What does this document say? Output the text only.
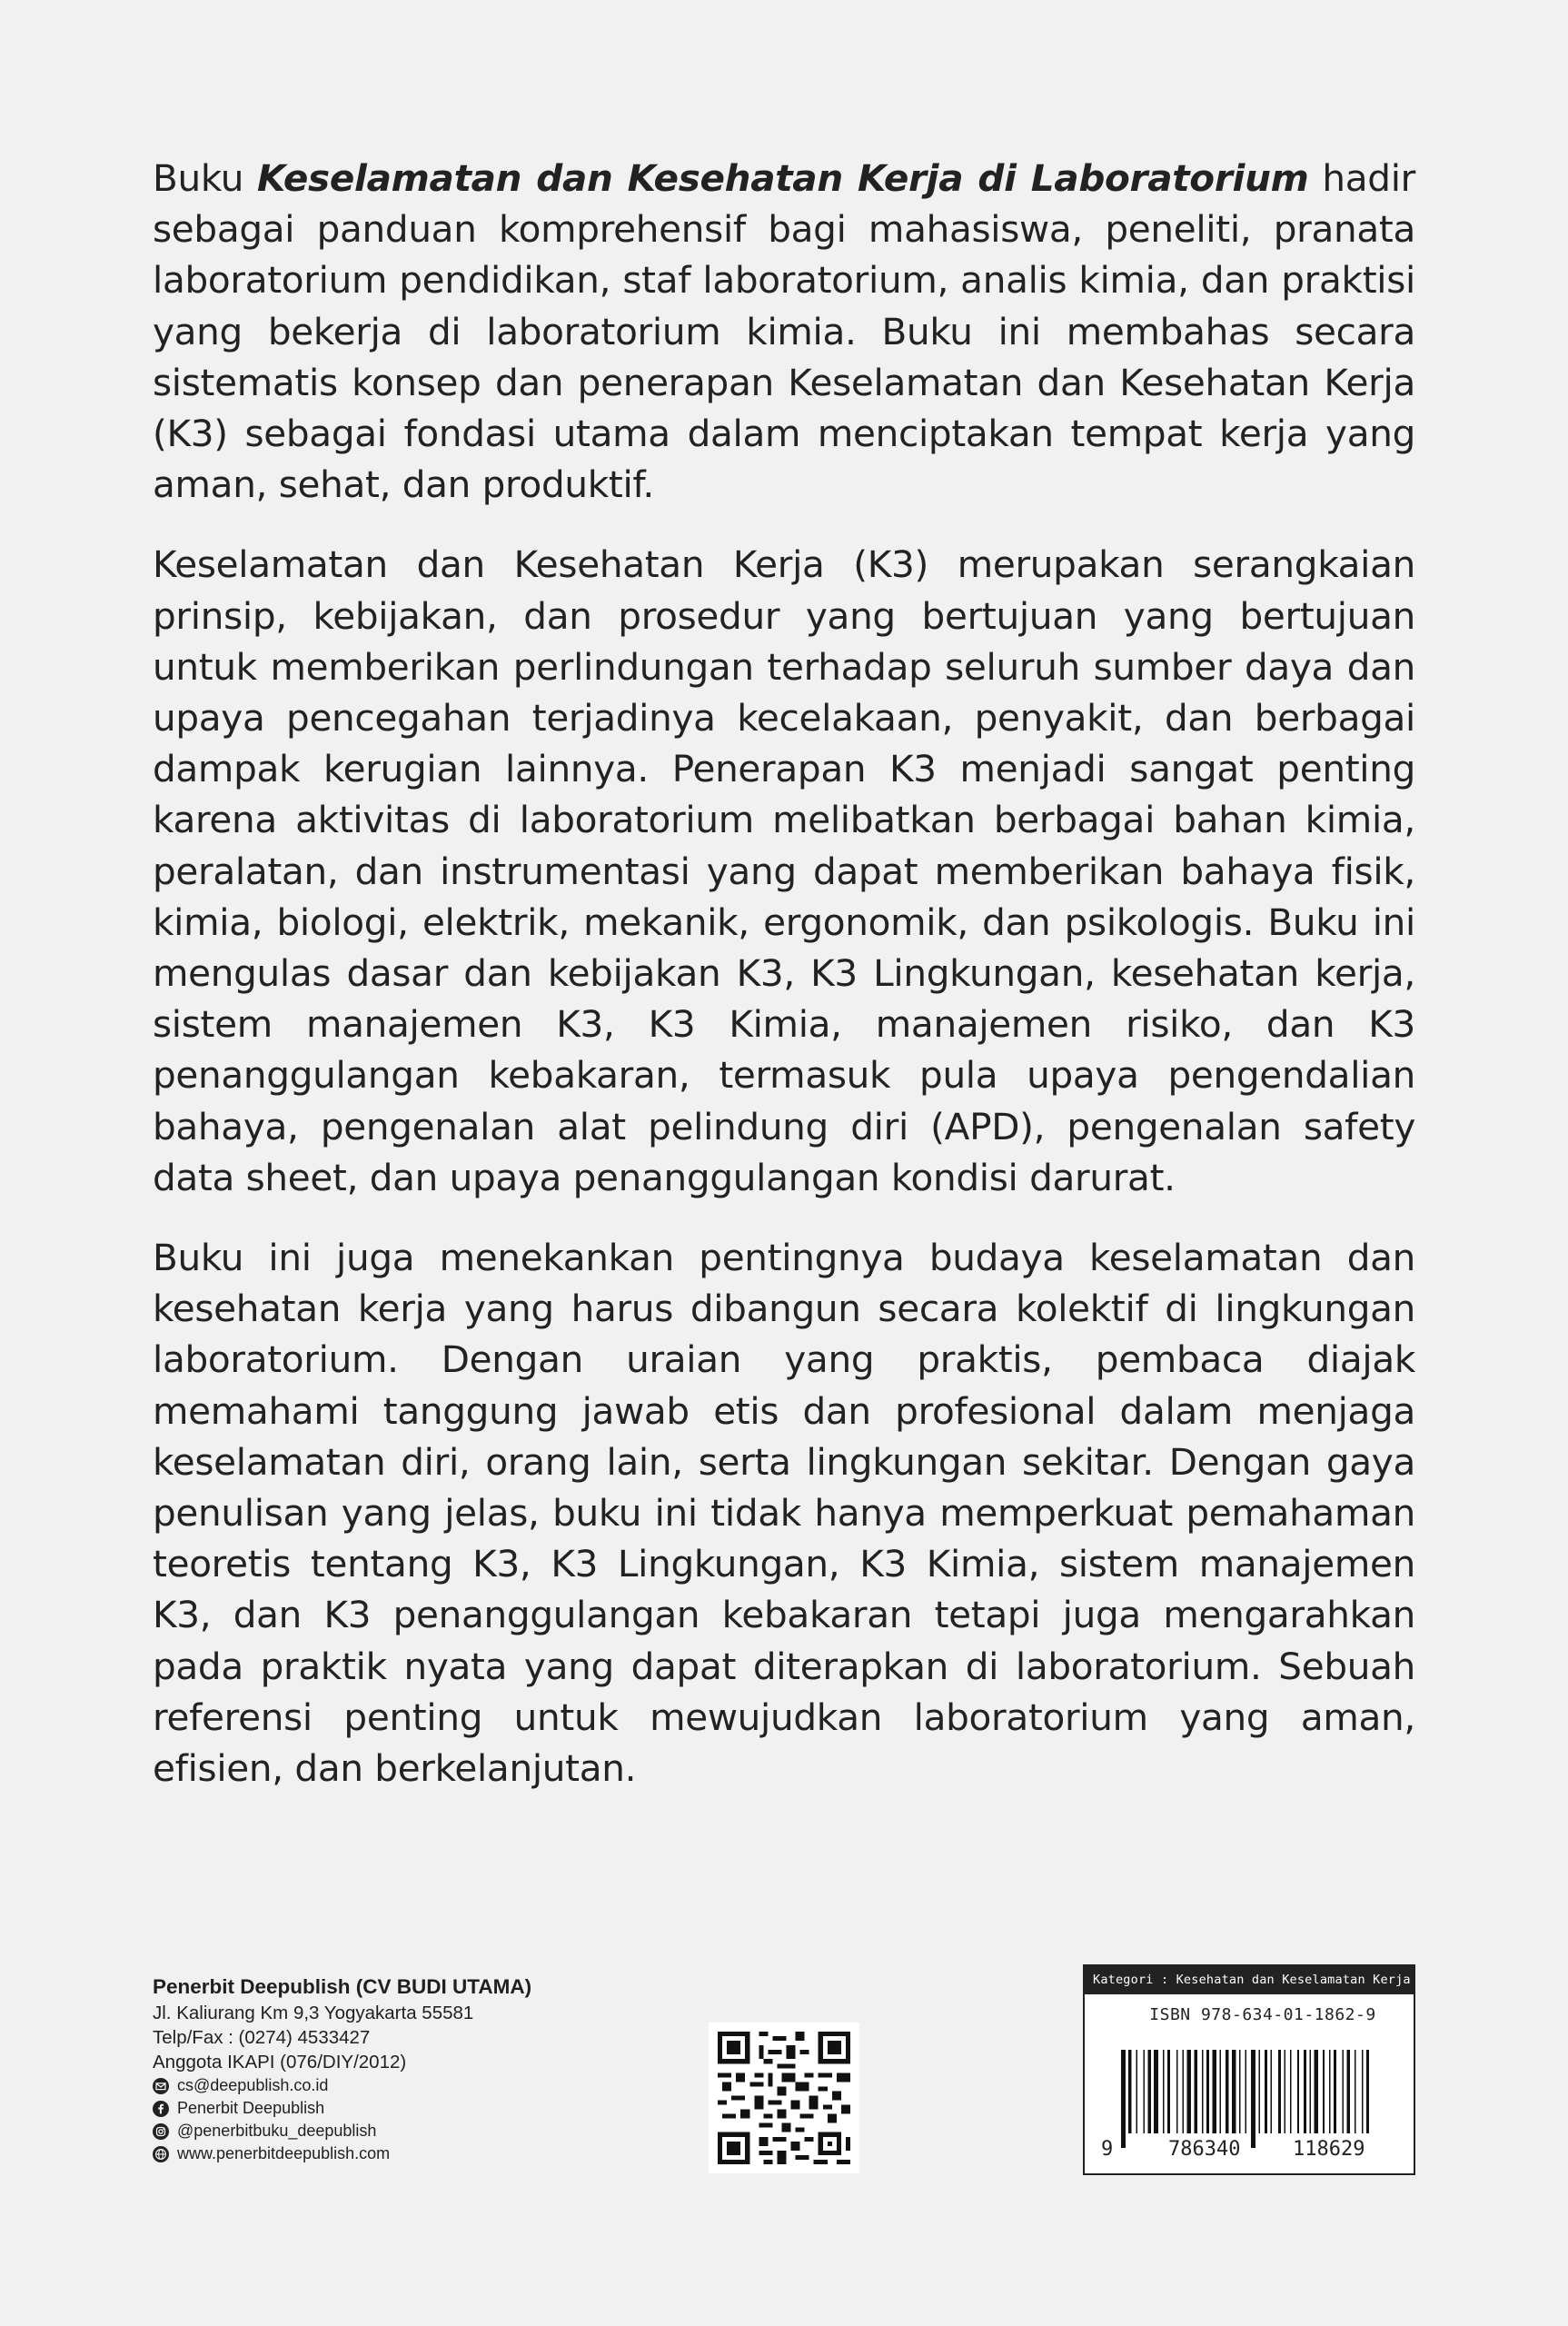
Buku Keselamatan dan Kesehatan Kerja di Laboratorium hadir sebagai panduan komprehensif bagi mahasiswa, peneliti, pranata laboratorium pendidikan, staf laboratorium, analis kimia, dan praktisi yang bekerja di laboratorium kimia. Buku ini membahas secara sistematis konsep dan penerapan Keselamatan dan Kesehatan Kerja (K3) sebagai fondasi utama dalam menciptakan tempat kerja yang aman, sehat, dan produktif.

Keselamatan dan Kesehatan Kerja (K3) merupakan serangkaian prinsip, kebijakan, dan prosedur yang bertujuan yang bertujuan untuk memberikan perlindungan terhadap seluruh sumber daya dan upaya pencegahan terjadinya kecelakaan, penyakit, dan berbagai dampak kerugian lainnya. Penerapan K3 menjadi sangat penting karena aktivitas di laboratorium melibatkan berbagai bahan kimia, peralatan, dan instrumentasi yang dapat memberikan bahaya fisik, kimia, biologi, elektrik, mekanik, ergonomik, dan psikologis. Buku ini mengulas dasar dan kebijakan K3, K3 Lingkungan, kesehatan kerja, sistem manajemen K3, K3 Kimia, manajemen risiko, dan K3 penanggulangan kebakaran, termasuk pula upaya pengendalian bahaya, pengenalan alat pelindung diri (APD), pengenalan safety data sheet, dan upaya penanggulangan kondisi darurat.

Buku ini juga menekankan pentingnya budaya keselamatan dan kesehatan kerja yang harus dibangun secara kolektif di lingkungan laboratorium. Dengan uraian yang praktis, pembaca diajak memahami tanggung jawab etis dan profesional dalam menjaga keselamatan diri, orang lain, serta lingkungan sekitar. Dengan gaya penulisan yang jelas, buku ini tidak hanya memperkuat pemahaman teoretis tentang K3, K3 Lingkungan, K3 Kimia, sistem manajemen K3, dan K3 penanggulangan kebakaran tetapi juga mengarahkan pada praktik nyata yang dapat diterapkan di laboratorium. Sebuah referensi penting untuk mewujudkan laboratorium yang aman, efisien, dan berkelanjutan.

Penerbit Deepublish (CV BUDI UTAMA)
Jl. Kaliurang Km 9,3 Yogyakarta 55581
Telp/Fax : (0274) 4533427
Anggota IKAPI (076/DIY/2012)
cs@deepublish.co.id
Penerbit Deepublish
@penerbitbuku_deepublish
www.penerbitdeepublish.com
Kategori : Kesehatan dan Keselamatan Kerja
ISBN 978-634-01-1862-9
9	786340	118629
